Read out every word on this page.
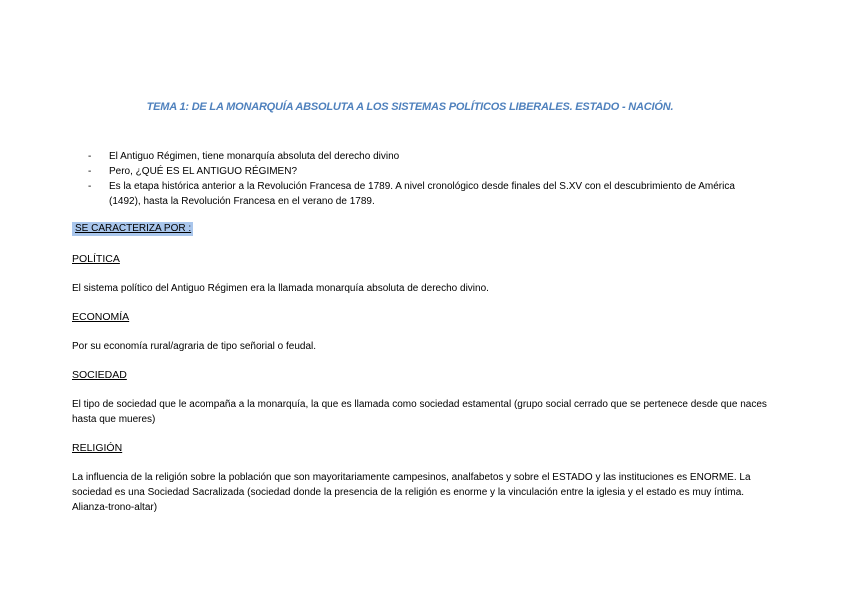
TEMA 1: DE LA MONARQUÍA ABSOLUTA A LOS SISTEMAS POLÍTICOS LIBERALES. ESTADO - NACIÓN.
- El Antiguo Régimen, tiene monarquía absoluta del derecho divino
- Pero, ¿QUÉ ES EL ANTIGUO RÉGIMEN?
- Es la etapa histórica anterior a la Revolución Francesa de 1789. A nivel cronológico desde finales del S.XV con el descubrimiento de América (1492), hasta la Revolución Francesa en el verano de 1789.
SE CARACTERIZA POR :
POLÍTICA

El sistema político del Antiguo Régimen era la llamada monarquía absoluta de derecho divino.

ECONOMÍA

Por su economía rural/agraria de tipo señorial o feudal.

SOCIEDAD

El tipo de sociedad que le acompaña a la monarquía, la que es llamada como sociedad estamental (grupo social cerrado que se pertenece desde que naces hasta que mueres)

RELIGIÓN

La influencia de la religión sobre la población que son mayoritariamente campesinos, analfabetos y sobre el ESTADO y las instituciones es ENORME. La sociedad es una Sociedad Sacralizada (sociedad donde la presencia de la religión es enorme y la vinculación entre la iglesia y el estado es muy íntima. Alianza-trono-altar)
